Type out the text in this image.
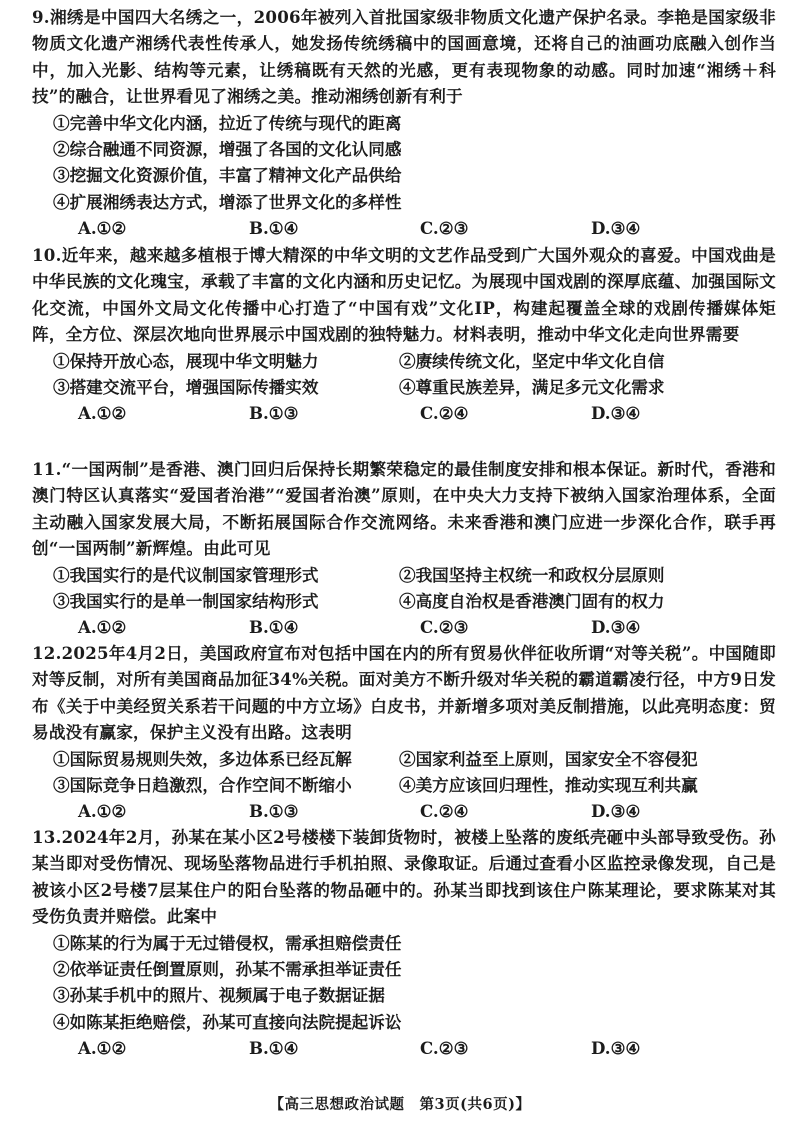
9.湘绣是中国四大名绣之一，2006年被列入首批国家级非物质文化遗产保护名录。李艳是国家级非物质文化遗产湘绣代表性传承人，她发扬传统绣稿中的国画意境，还将自己的油画功底融入创作当中，加入光影、结构等元素，让绣稿既有天然的光感，更有表现物象的动感。同时加速“湘绣＋科技”的融合，让世界看见了湘绣之美。推动湘绣创新有利于

①完善中华文化内涵，拉近了传统与现代的距离
②综合融通不同资源，增强了各国的文化认同感
③挖掘文化资源价值，丰富了精神文化产品供给
④扩展湘绣表达方式，增添了世界文化的多样性
A.①②	B.①④	C.②③	D.③④

10.近年来，越来越多植根于博大精深的中华文明的文艺作品受到广大国外观众的喜爱。中国戏曲是中华民族的文化瑰宝，承载了丰富的文化内涵和历史记忆。为展现中国戏剧的深厚底蕴、加强国际文化交流，中国外文局文化传播中心打造了“中国有戏”文化IP，构建起覆盖全球的戏剧传播媒体矩阵，全方位、深层次地向世界展示中国戏剧的独特魅力。材料表明，推动中华文化走向世界需要

①保持开放心态，展现中华文明魅力	②赓续传统文化，坚定中华文化自信
③搭建交流平台，增强国际传播实效	④尊重民族差异，满足多元文化需求
A.①②	B.①③	C.②④	D.③④

11.“一国两制”是香港、澳门回归后保持长期繁荣稳定的最佳制度安排和根本保证。新时代，香港和澳门特区认真落实“爱国者治港”“爱国者治澳”原则，在中央大力支持下被纳入国家治理体系，全面主动融入国家发展大局，不断拓展国际合作交流网络。未来香港和澳门应进一步深化合作，联手再创“一国两制”新辉煌。由此可见

①我国实行的是代议制国家管理形式	②我国坚持主权统一和政权分层原则
③我国实行的是单一制国家结构形式	④高度自治权是香港澳门固有的权力
A.①②	B.①④	C.②③	D.③④

12.2025年4月2日，美国政府宣布对包括中国在内的所有贸易伙伴征收所谓“对等关税”。中国随即对等反制，对所有美国商品加征34%关税。面对美方不断升级对华关税的霸道霸凌行径，中方9日发布《关于中美经贸关系若干问题的中方立场》白皮书，并新增多项对美反制措施，以此亮明态度：贸易战没有赢家，保护主义没有出路。这表明

①国际贸易规则失效，多边体系已经瓦解	②国家利益至上原则，国家安全不容侵犯
③国际竞争日趋激烈，合作空间不断缩小	④美方应该回归理性，推动实现互利共赢
A.①②	B.①③	C.②④	D.③④

13.2024年2月，孙某在某小区2号楼楼下装卸货物时，被楼上坠落的废纸壳砸中头部导致受伤。孙某当即对受伤情况、现场坠落物品进行手机拍照、录像取证。后通过查看小区监控录像发现，自己是被该小区2号楼7层某住户的阳台坠落的物品砸中的。孙某当即找到该住户陈某理论，要求陈某对其受伤负责并赔偿。此案中

①陈某的行为属于无过错侵权，需承担赔偿责任
②依举证责任倒置原则，孙某不需承担举证责任
③孙某手机中的照片、视频属于电子数据证据
④如陈某拒绝赔偿，孙某可直接向法院提起诉讼
A.①②	B.①④	C.②③	D.③④
【高三思想政治试题　第3页(共6页)】
